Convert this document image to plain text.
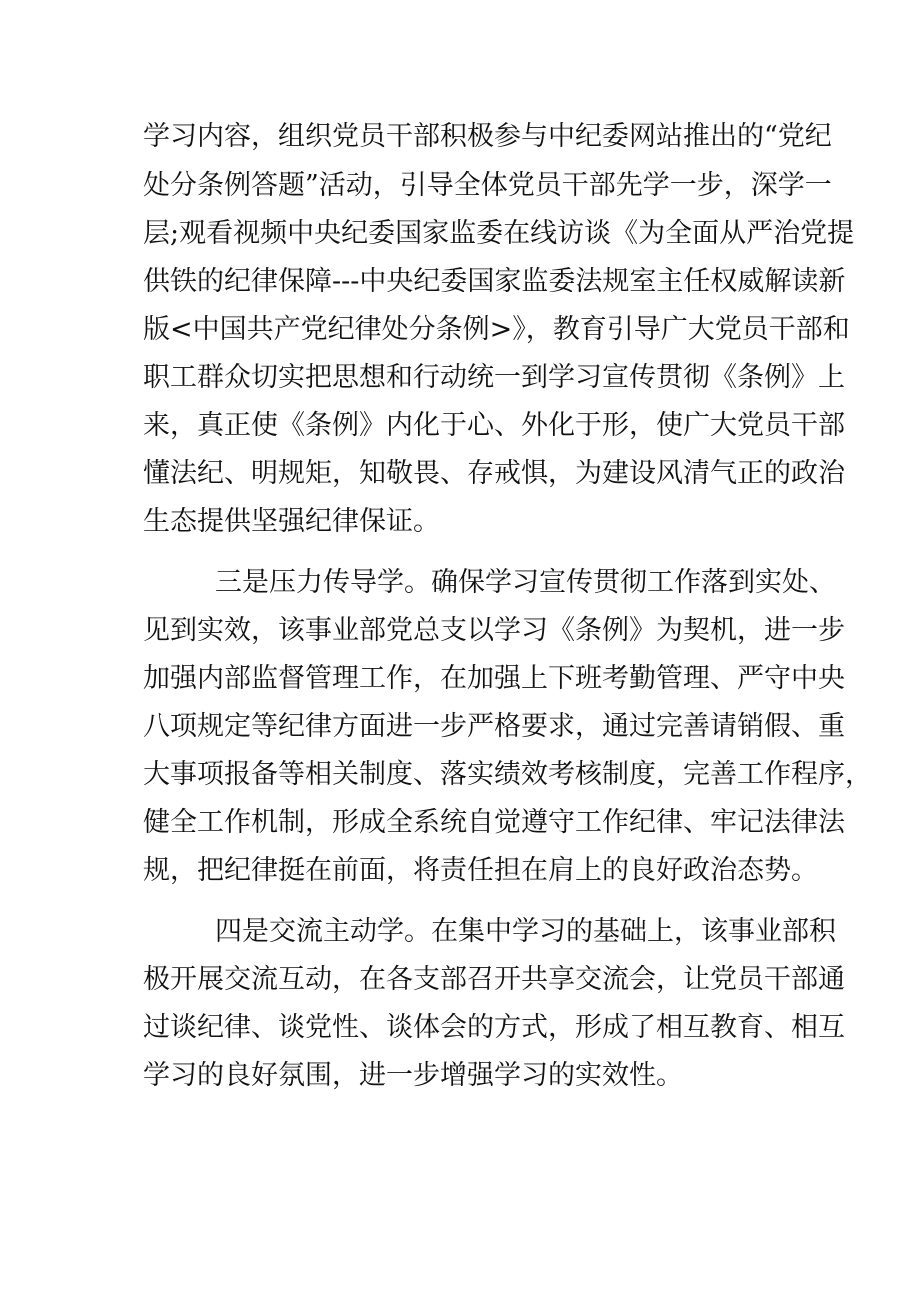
学习内容，组织党员干部积极参与中纪委网站推出的“党纪
处分条例答题”活动，引导全体党员干部先学一步，深学一
层;观看视频中央纪委国家监委在线访谈《为全面从严治党提
供铁的纪律保障---中央纪委国家监委法规室主任权威解读新
版<中国共产党纪律处分条例>》，教育引导广大党员干部和
职工群众切实把思想和行动统一到学习宣传贯彻《条例》上
来，真正使《条例》内化于心、外化于形，使广大党员干部
懂法纪、明规矩，知敬畏、存戒惧，为建设风清气正的政治
生态提供坚强纪律保证。
三是压力传导学。确保学习宣传贯彻工作落到实处、
见到实效，该事业部党总支以学习《条例》为契机，进一步
加强内部监督管理工作，在加强上下班考勤管理、严守中央
八项规定等纪律方面进一步严格要求，通过完善请销假、重
大事项报备等相关制度、落实绩效考核制度，完善工作程序，
健全工作机制，形成全系统自觉遵守工作纪律、牢记法律法
规，把纪律挺在前面，将责任担在肩上的良好政治态势。
四是交流主动学。在集中学习的基础上，该事业部积
极开展交流互动，在各支部召开共享交流会，让党员干部通
过谈纪律、谈党性、谈体会的方式，形成了相互教育、相互
学习的良好氛围，进一步增强学习的实效性。
